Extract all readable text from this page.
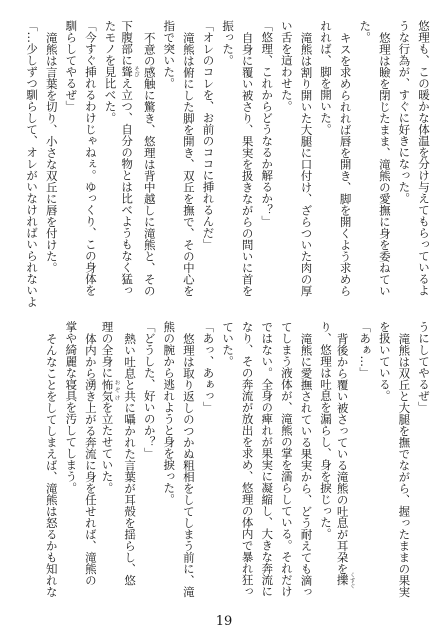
悠理も、この暖かな体温を分け与えてもらっているよ

うな行為が、すぐに好きになった。

悠理は瞼を閉じたまま、滝熊の愛撫に身を委ねてい

た。

キスを求められれば唇を開き、脚を開くよう求めら

れれば、脚を開いた。

滝熊は割り開いた大腿に口付け、ざらついた肉の厚

い舌を這わせた。

「悠理、これからどうなるか解るか？」

自身に覆い被さり、果実を扱きながらの問いに首を

振った。

「オレのコレを、お前のココに挿れるんだ」

滝熊は俯にした脚を開き、双丘を撫で、その中心を

指で突いた。

不意の感触に驚き、悠理は背中越しに滝熊と、その

下腹部に聳 そびえ立つ、自分の物とは比べようもなく猛っ

たモノを見比べた。

「今すぐ挿れるわけじゃねぇ。ゆっくり、この身体を

馴らしてやるぜ」

滝熊は言葉を切り、小さな双丘に唇を付けた。

「…少しずつ馴らして、オレがいなければいられないよ

うにしてやるぜ」

滝熊は双丘と大腿を撫でながら、握ったままの果実

を扱いている。

「あぁ…」

背後から覆い被さっている滝熊の吐息が耳朶を擽 くすぐ

り、悠理は吐息を漏らし、身を捩じった。

滝熊に愛撫されている果実から、どう耐えても滴っ

てしまう液体が、滝熊の掌を濡らしている。それだけ

ではない。全身の痺れが果実に凝縮し、大きな奔流に

なり、その奔流が放出を求め、悠理の体内で暴れ狂っ

ていた。

「あっ、あぁっ」

悠理は取り返しのつかぬ粗相をしてしまう前に、滝

熊の腕から逃れようと身を捩った。

「どうした、好いのか？」

熱い吐息と共に囁かれた言葉が耳殻を揺らし、悠

理の全身に怖気 おぞけを立たせていた。

体内から湧き上がる奔流に身を任せれば、滝熊の

掌や綺麗な寝具を汚してしまう。

そんなことをしてしまえば、滝熊は怒るかも知れな

19
